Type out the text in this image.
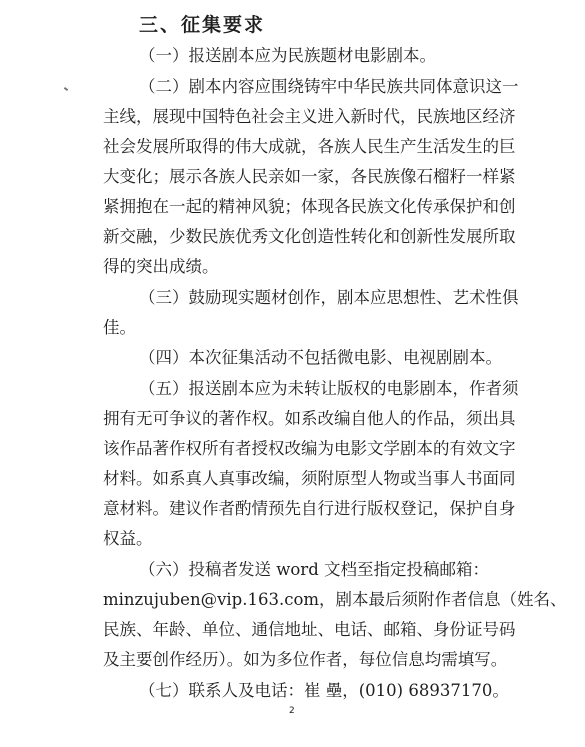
三、征集要求
（一）报送剧本应为民族题材电影剧本。
（二）剧本内容应围绕铸牢中华民族共同体意识这一
主线，展现中国特色社会主义进入新时代，民族地区经济
社会发展所取得的伟大成就，各族人民生产生活发生的巨
大变化；展示各族人民亲如一家，各民族像石榴籽一样紧
紧拥抱在一起的精神风貌；体现各民族文化传承保护和创
新交融，少数民族优秀文化创造性转化和创新性发展所取
得的突出成绩。
（三）鼓励现实题材创作，剧本应思想性、艺术性俱
佳。
（四）本次征集活动不包括微电影、电视剧剧本。
（五）报送剧本应为未转让版权的电影剧本，作者须
拥有无可争议的著作权。如系改编自他人的作品，须出具
该作品著作权所有者授权改编为电影文学剧本的有效文字
材料。如系真人真事改编，须附原型人物或当事人书面同
意材料。建议作者酌情预先自行进行版权登记，保护自身
权益。
（六）投稿者发送 word 文档至指定投稿邮箱：
minzujuben@vip.163.com，剧本最后须附作者信息（姓名、
民族、年龄、单位、通信地址、电话、邮箱、身份证号码
及主要创作经历）。如为多位作者，每位信息均需填写。
（七）联系人及电话：崔 壘，(010) 68937170。
2
